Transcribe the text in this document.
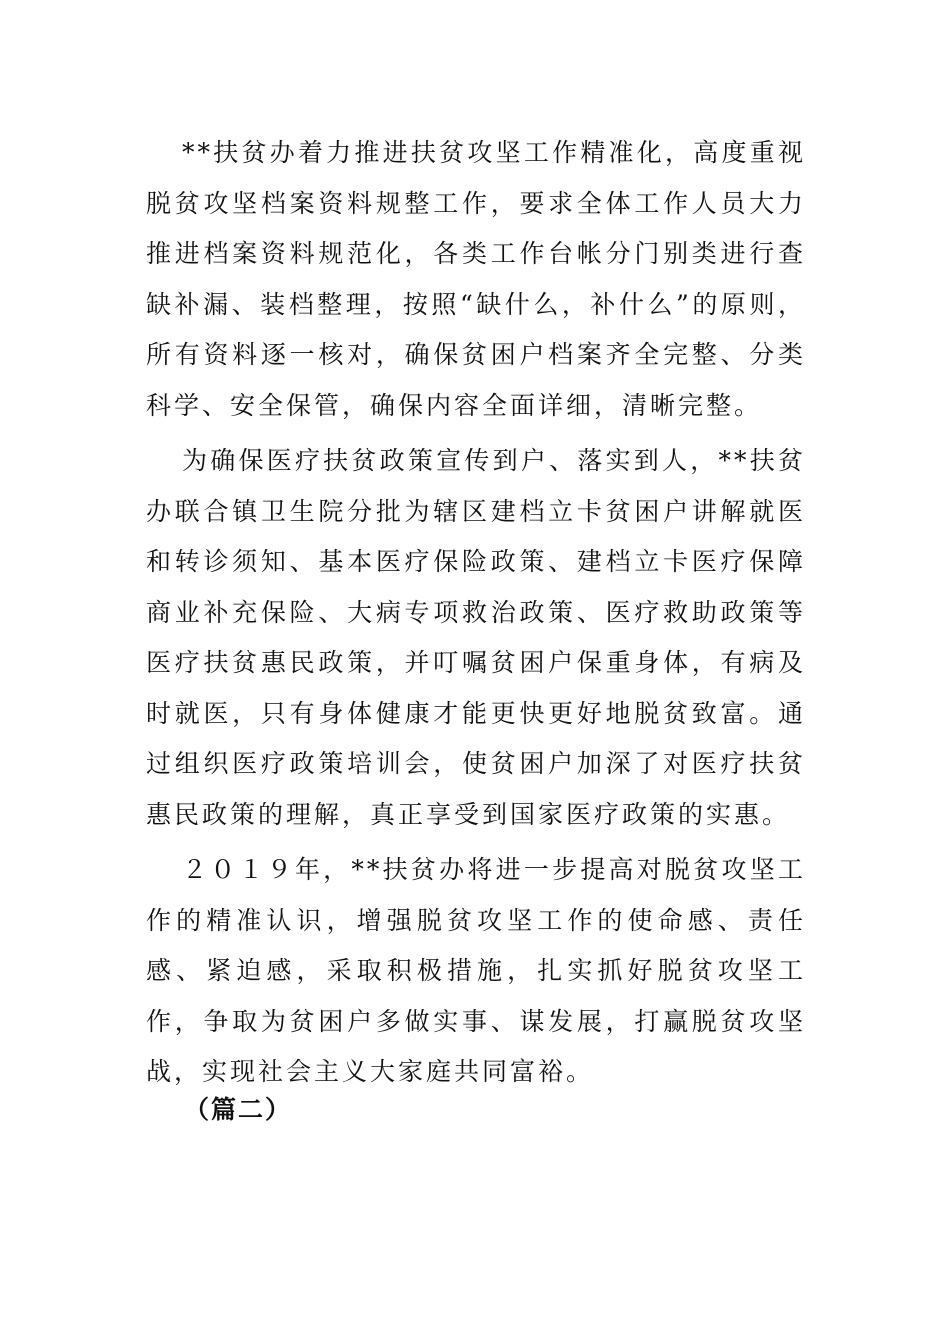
**扶贫办着力推进扶贫攻坚工作精准化，高度重视脱贫攻坚档案资料规整工作，要求全体工作人员大力推进档案资料规范化，各类工作台帐分门别类进行查缺补漏、装档整理，按照“缺什么，补什么”的原则，所有资料逐一核对，确保贫困户档案齐全完整、分类科学、安全保管，确保内容全面详细，清晰完整。

为确保医疗扶贫政策宣传到户、落实到人，**扶贫办联合镇卫生院分批为辖区建档立卡贫困户讲解就医和转诊须知、基本医疗保险政策、建档立卡医疗保障商业补充保险、大病专项救治政策、医疗救助政策等医疗扶贫惠民政策，并叮嘱贫困户保重身体，有病及时就医，只有身体健康才能更快更好地脱贫致富。通过组织医疗政策培训会，使贫困户加深了对医疗扶贫惠民政策的理解，真正享受到国家医疗政策的实惠。

２０１９年，**扶贫办将进一步提高对脱贫攻坚工作的精准认识，增强脱贫攻坚工作的使命感、责任感、紧迫感，采取积极措施，扎实抓好脱贫攻坚工作，争取为贫困户多做实事、谋发展，打赢脱贫攻坚战，实现社会主义大家庭共同富裕。

（篇二）
